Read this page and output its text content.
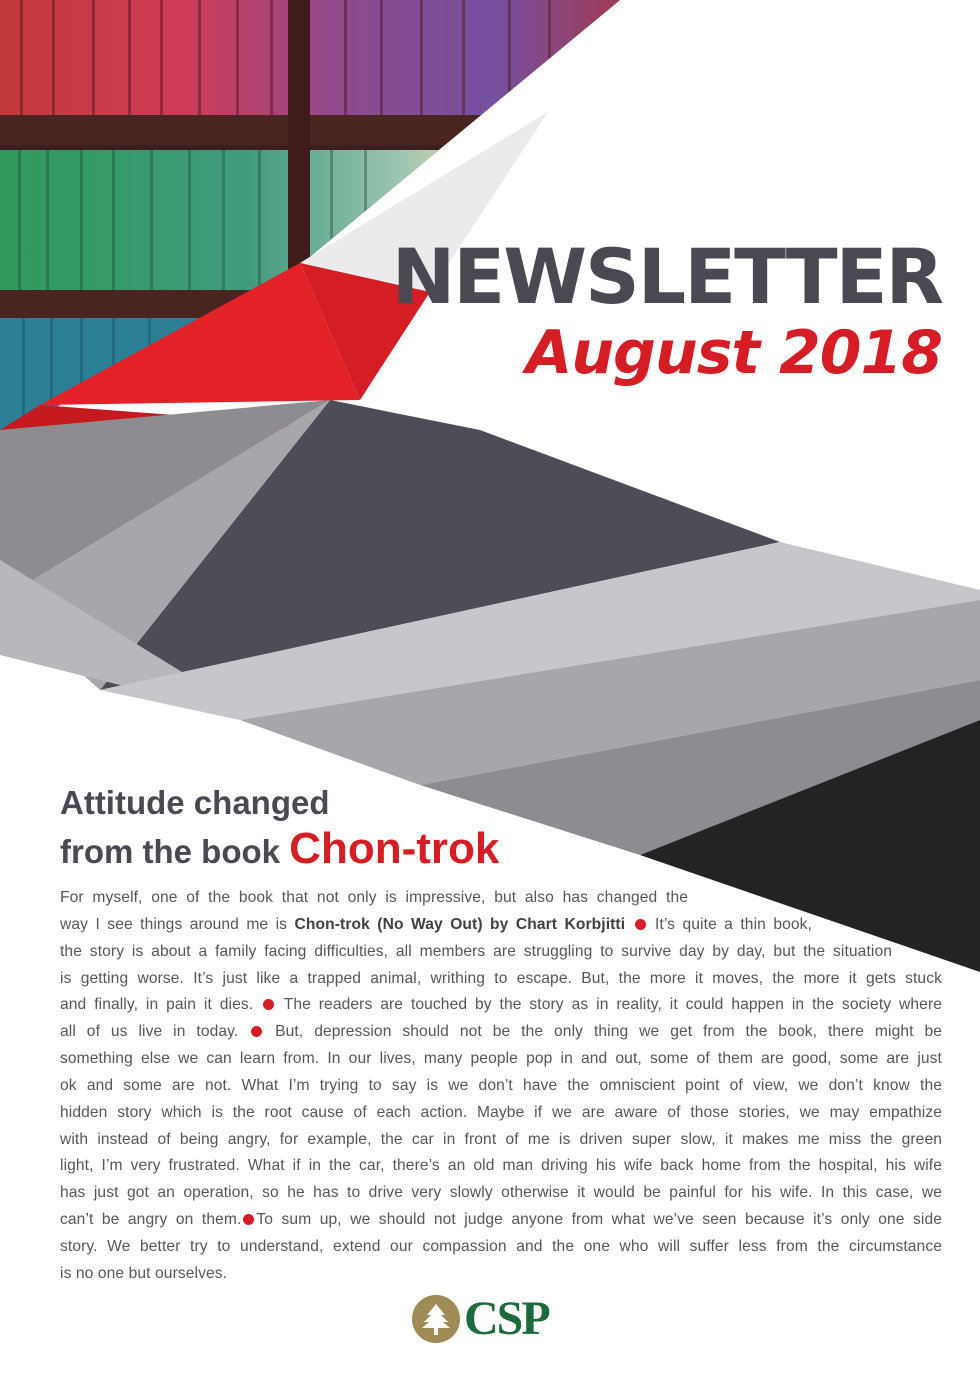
NEWSLETTER
August 2018
Attitude changed
from the book Chon-trok

For myself, one of the book that not only is impressive, but also has changed the
way I see things around me is Chon-trok (No Way Out) by Chart Korbjitti It’s quite a thin book,
the story is about a family facing difficulties, all members are struggling to survive day by day, but the situation
is getting worse. It’s just like a trapped animal, writhing to escape. But, the more it moves, the more it gets stuck
and finally, in pain it dies. The readers are touched by the story as in reality, it could happen in the society where
all of us live in today. But, depression should not be the only thing we get from the book, there might be
something else we can learn from. In our lives, many people pop in and out, some of them are good, some are just
ok and some are not. What I’m trying to say is we don’t have the omniscient point of view, we don’t know the
hidden story which is the root cause of each action. Maybe if we are aware of those stories, we may empathize
with instead of being angry, for example, the car in front of me is driven super slow, it makes me miss the green
light, I’m very frustrated. What if in the car, there’s an old man driving his wife back home from the hospital, his wife
has just got an operation, so he has to drive very slowly otherwise it would be painful for his wife. In this case, we
can’t be angry on them. To sum up, we should not judge anyone from what we’ve seen because it’s only one side
story. We better try to understand, extend our compassion and the one who will suffer less from the circumstance
is no one but ourselves.

CSP
